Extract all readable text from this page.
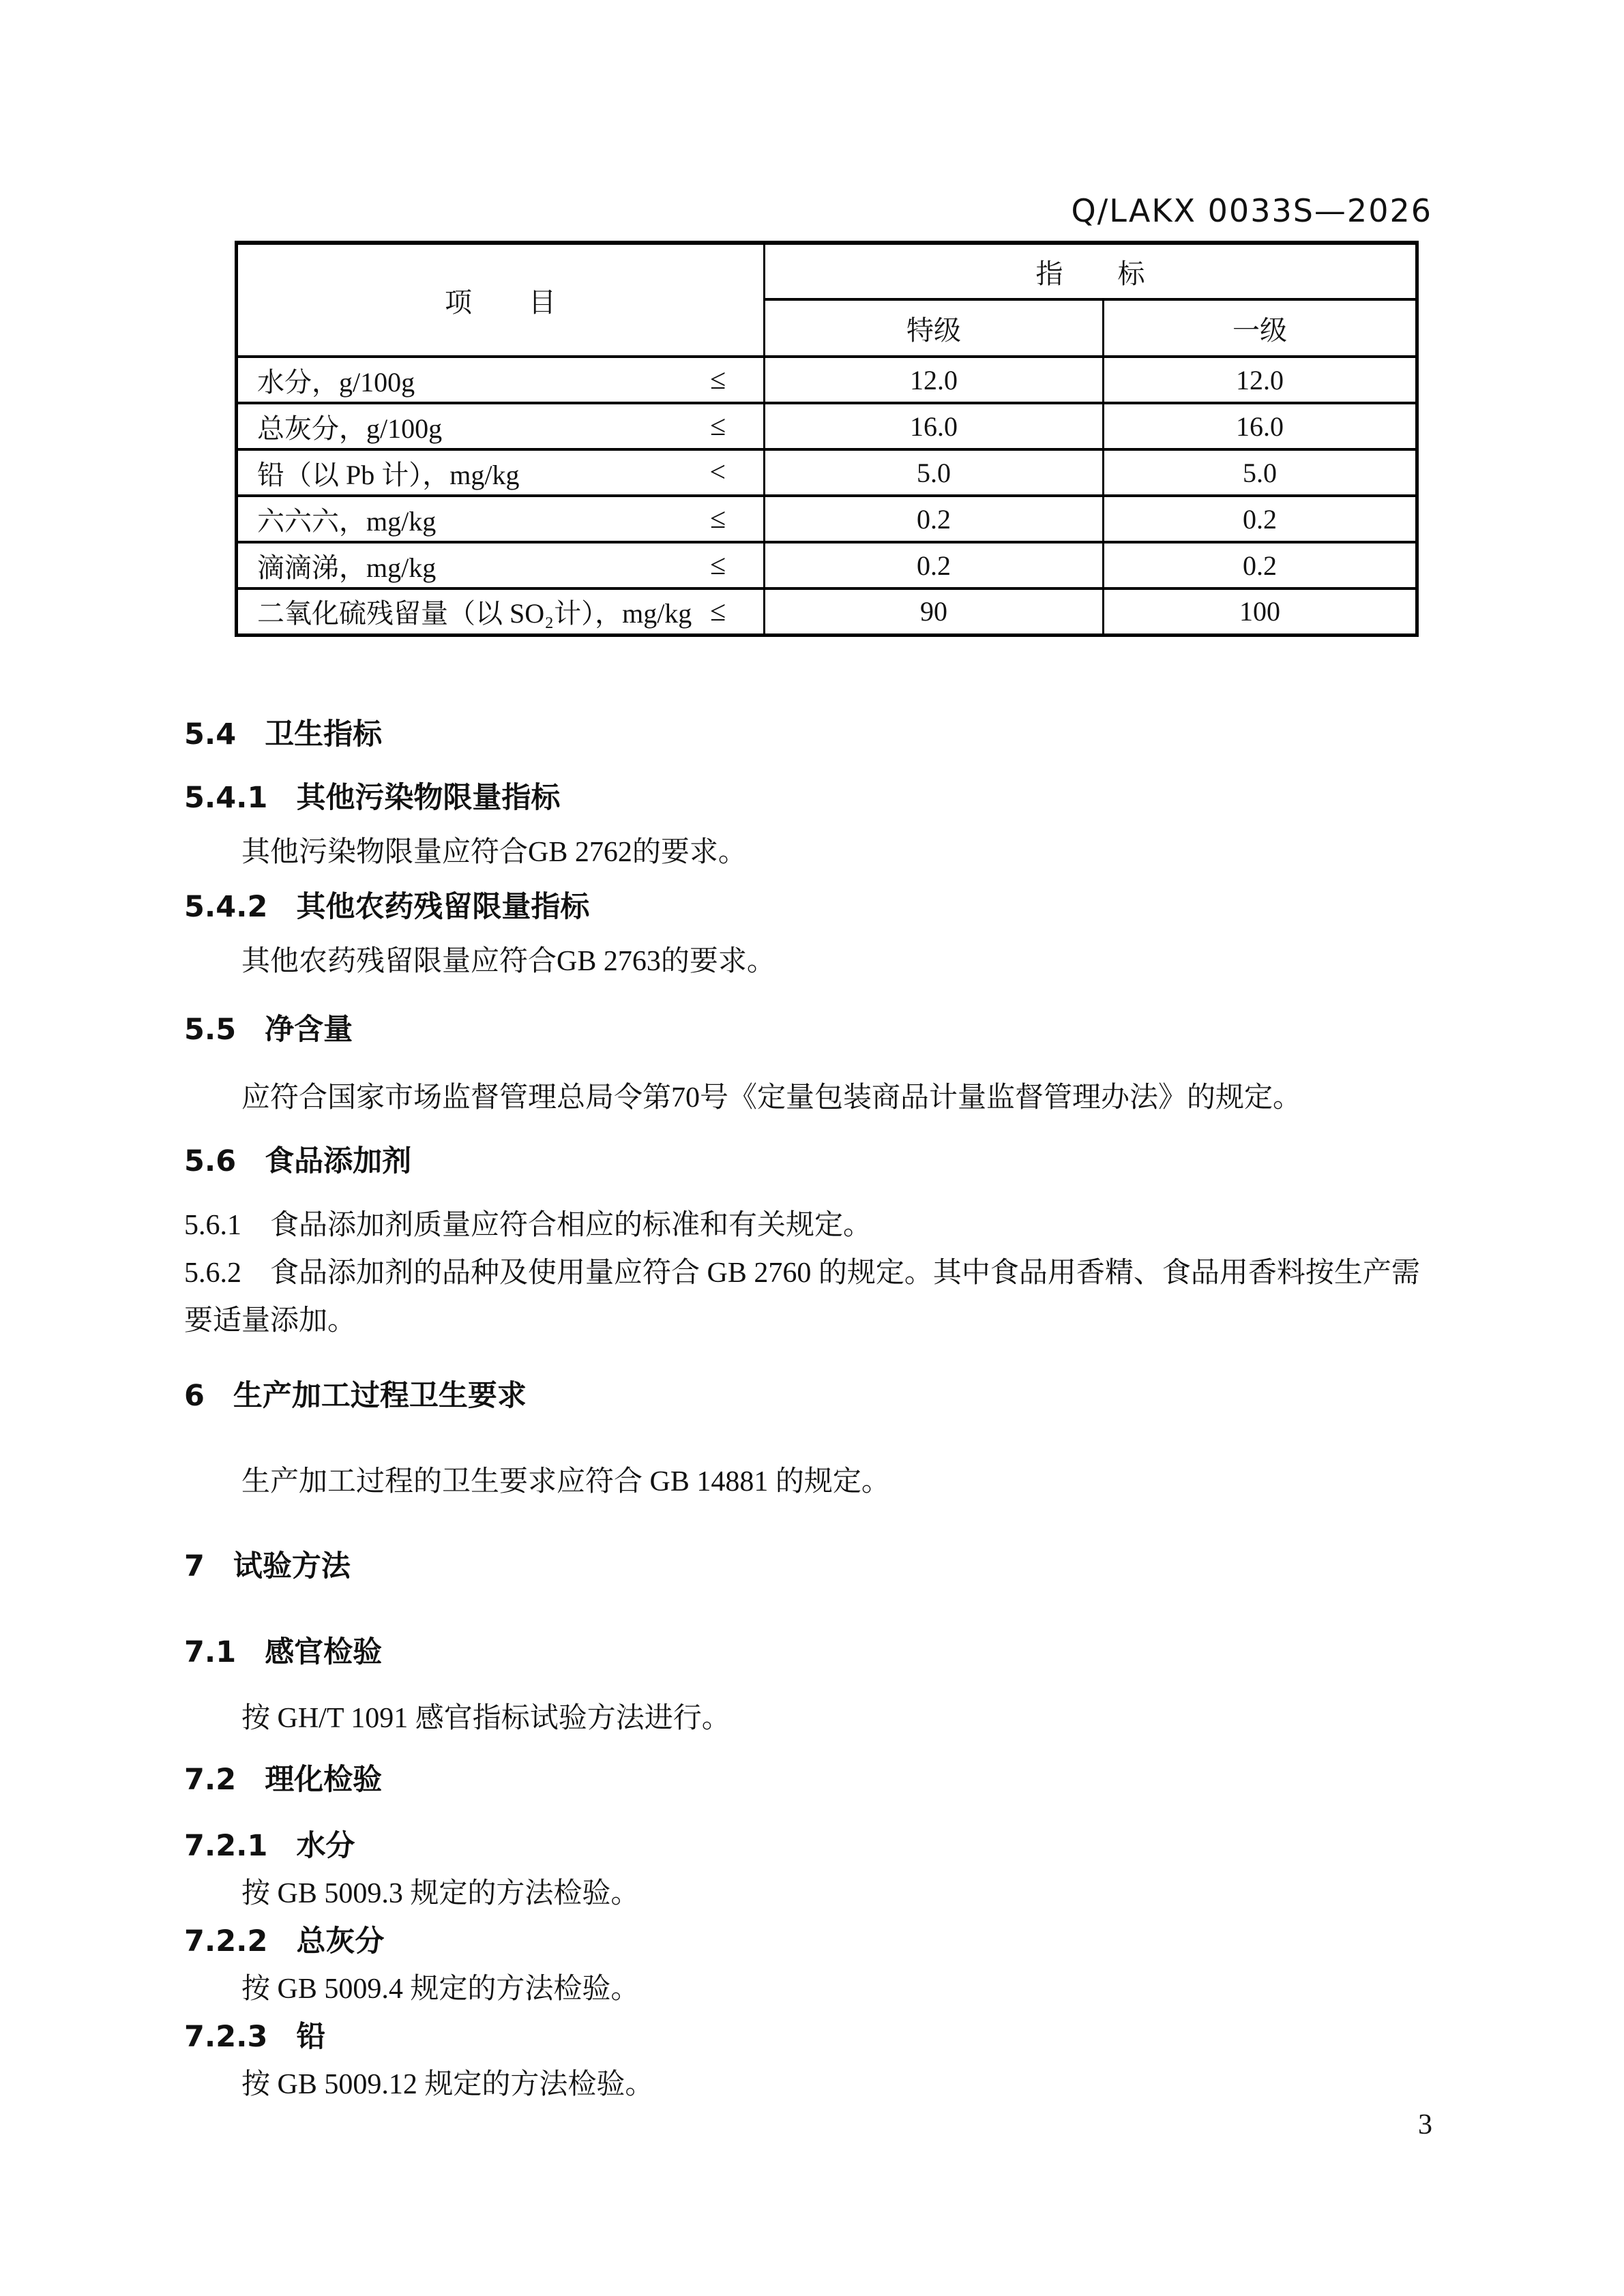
Q/LAKX 0033S—2026
项　　目	指　　标	
	特级	一级

水分，g/100g ≤	12.0	12.0

总灰分，g/100g ≤	16.0	16.0

铅（以 Pb 计），mg/kg <	5.0	5.0

六六六，mg/kg ≤	0.2	0.2

滴滴涕，mg/kg ≤	0.2	0.2

二氧化硫残留量（以 SO₂计），mg/kg ≤	90	100
5.4 卫生指标
5.4.1 其他污染物限量指标
其他污染物限量应符合GB 2762的要求。
5.4.2 其他农药残留限量指标
其他农药残留限量应符合GB 2763的要求。
5.5 净含量
应符合国家市场监督管理总局令第70号《定量包装商品计量监督管理办法》的规定。
5.6 食品添加剂
5.6.1 食品添加剂质量应符合相应的标准和有关规定。
5.6.2 食品添加剂的品种及使用量应符合 GB 2760 的规定。其中食品用香精、食品用香料按生产需要适量添加。
6 生产加工过程卫生要求
生产加工过程的卫生要求应符合 GB 14881 的规定。
7 试验方法
7.1 感官检验
按 GH/T 1091 感官指标试验方法进行。
7.2 理化检验
7.2.1 水分
按 GB 5009.3 规定的方法检验。
7.2.2 总灰分
按 GB 5009.4 规定的方法检验。
7.2.3 铅
按 GB 5009.12 规定的方法检验。
3
